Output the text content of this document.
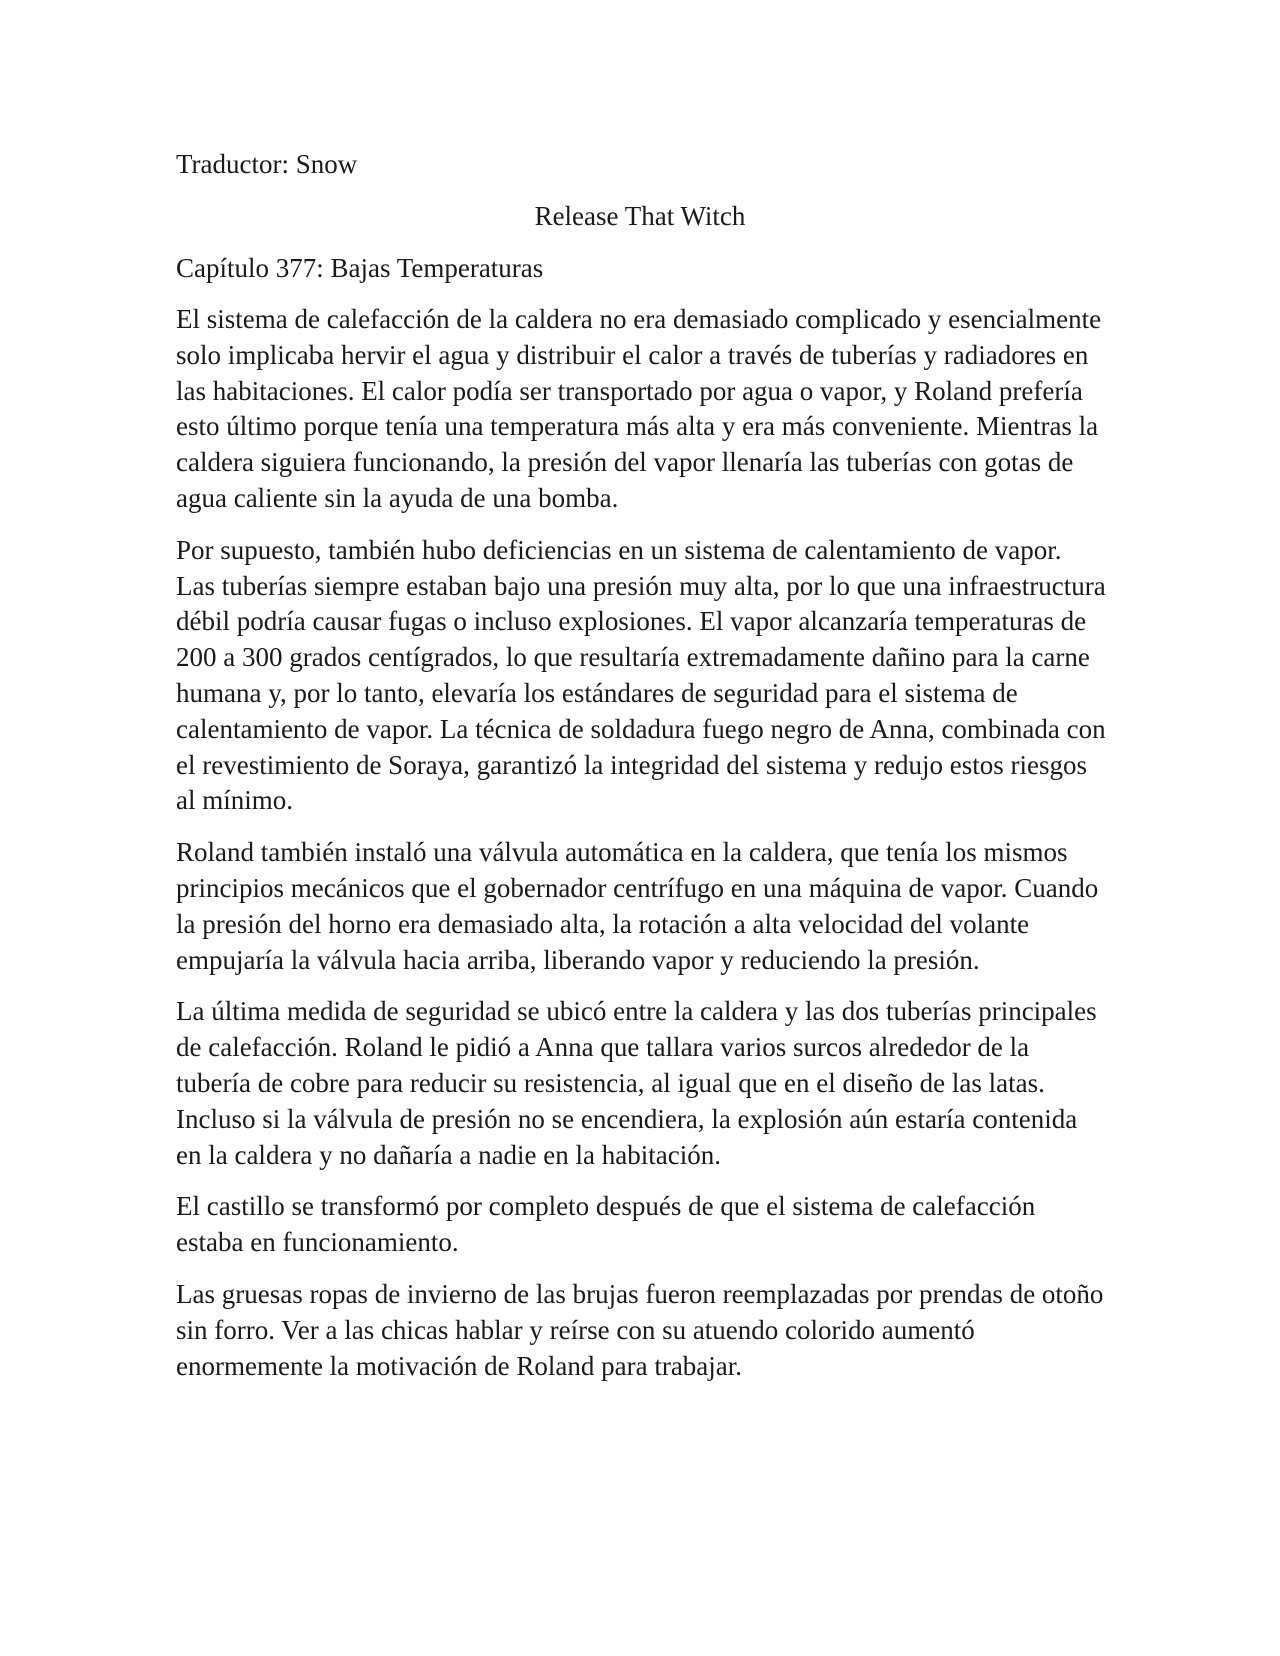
Traductor: Snow

Release That Witch
Capítulo 377: Bajas Temperaturas

El sistema de calefacción de la caldera no era demasiado complicado y esencialmente solo implicaba hervir el agua y distribuir el calor a través de tuberías y radiadores en las habitaciones. El calor podía ser transportado por agua o vapor, y Roland prefería esto último porque tenía una temperatura más alta y era más conveniente. Mientras la caldera siguiera funcionando, la presión del vapor llenaría las tuberías con gotas de agua caliente sin la ayuda de una bomba.

Por supuesto, también hubo deficiencias en un sistema de calentamiento de vapor. Las tuberías siempre estaban bajo una presión muy alta, por lo que una infraestructura débil podría causar fugas o incluso explosiones. El vapor alcanzaría temperaturas de 200 a 300 grados centígrados, lo que resultaría extremadamente dañino para la carne humana y, por lo tanto, elevaría los estándares de seguridad para el sistema de calentamiento de vapor. La técnica de soldadura fuego negro de Anna, combinada con el revestimiento de Soraya, garantizó la integridad del sistema y redujo estos riesgos al mínimo.

Roland también instaló una válvula automática en la caldera, que tenía los mismos principios mecánicos que el gobernador centrífugo en una máquina de vapor. Cuando la presión del horno era demasiado alta, la rotación a alta velocidad del volante empujaría la válvula hacia arriba, liberando vapor y reduciendo la presión.

La última medida de seguridad se ubicó entre la caldera y las dos tuberías principales de calefacción. Roland le pidió a Anna que tallara varios surcos alrededor de la tubería de cobre para reducir su resistencia, al igual que en el diseño de las latas. Incluso si la válvula de presión no se encendiera, la explosión aún estaría contenida en la caldera y no dañaría a nadie en la habitación.

El castillo se transformó por completo después de que el sistema de calefacción estaba en funcionamiento.

Las gruesas ropas de invierno de las brujas fueron reemplazadas por prendas de otoño sin forro. Ver a las chicas hablar y reírse con su atuendo colorido aumentó enormemente la motivación de Roland para trabajar.
